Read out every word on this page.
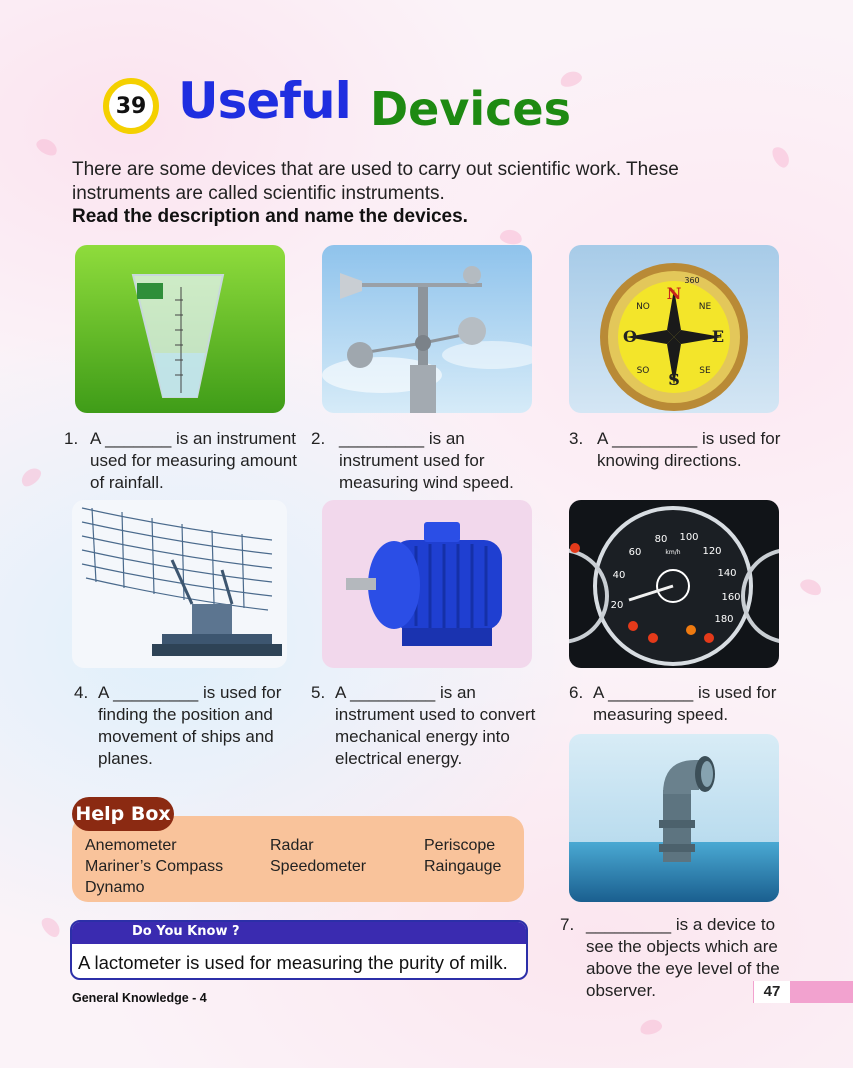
39 Useful Devices
There are some devices that are used to carry out scientific work. These instruments are called scientific instruments.
Read the description and name the devices.
N
E
S
O
NE
NO
SE
SO
360
1. A _______ is an instrument used for measuring amount of rainfall.
2. _________ is an instrument used for measuring wind speed.
3. A _________ is used for knowing directions.
20
40
60
80 100
120
140
160
180
km/h
4. A _________ is used for finding the position and movement of ships and planes.
5. A _________ is an instrument used to convert mechanical energy into electrical energy.
6. A _________ is used for measuring speed.
Help Box
Anemometer	Radar	Periscope
Mariner’s Compass	Speedometer	Raingauge
Dynamo
7. _________ is a device to see the objects which are above the eye level of the observer.
Do You Know ?
A lactometer is used for measuring the purity of milk.
General Knowledge - 4	47
